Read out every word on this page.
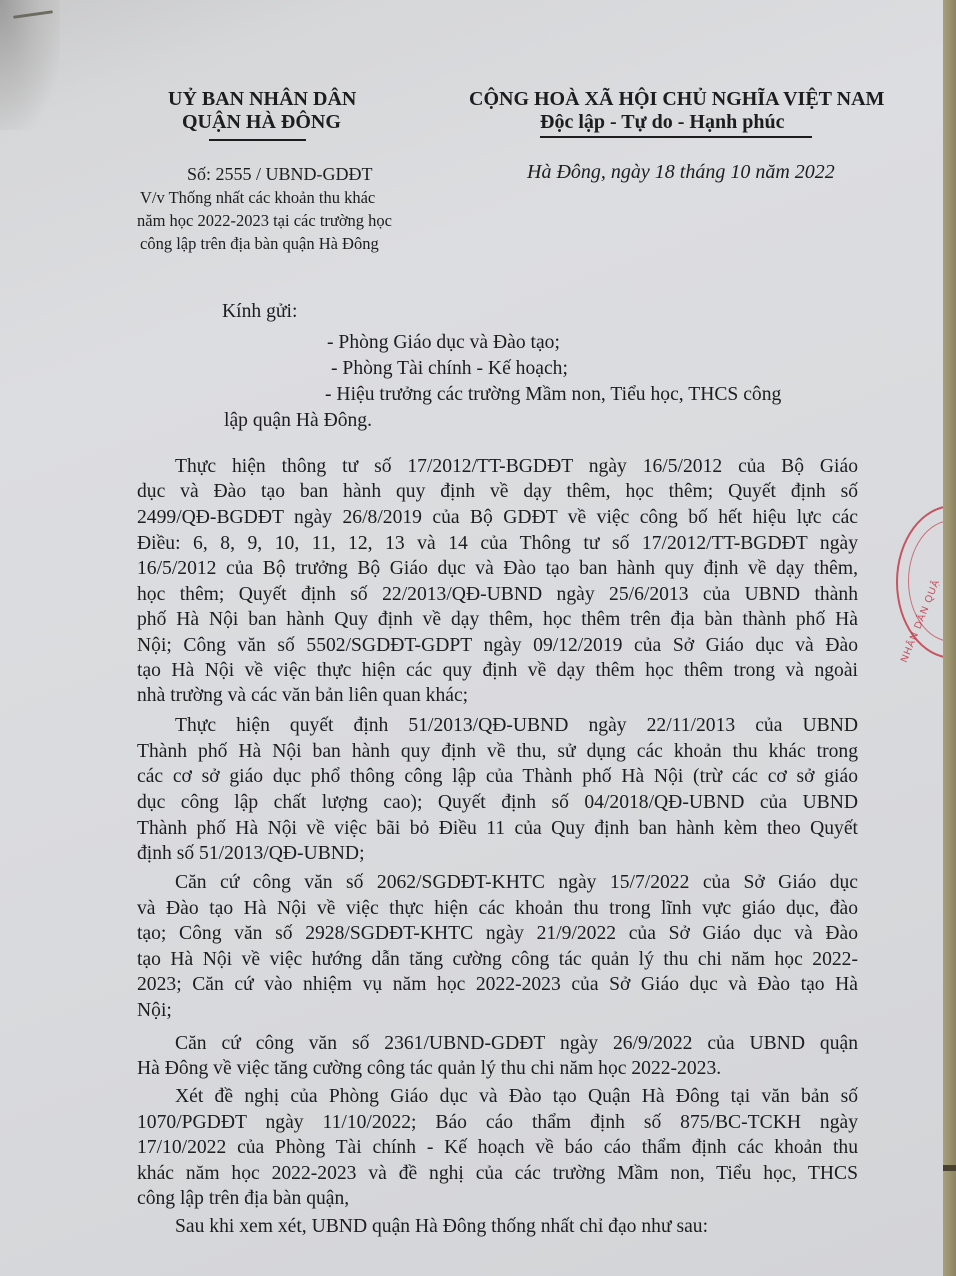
UỶ BAN NHÂN DÂN
QUẬN HÀ ĐÔNG
Số: 2555 / UBND-GDĐT
V/v Thống nhất các khoản thu khác
năm học 2022-2023 tại các trường học
công lập trên địa bàn quận Hà Đông
CỘNG HOÀ XÃ HỘI CHỦ NGHĨA VIỆT NAM
Độc lập - Tự do - Hạnh phúc
Hà Đông, ngày 18 tháng 10 năm 2022
Kính gửi:
- Phòng Giáo dục và Đào tạo;
- Phòng Tài chính - Kế hoạch;
- Hiệu trưởng các trường Mầm non, Tiểu học, THCS công
lập quận Hà Đông.
Thực hiện thông tư số 17/2012/TT-BGDĐT ngày 16/5/2012 của Bộ Giáo
dục và Đào tạo ban hành quy định về dạy thêm, học thêm; Quyết định số
2499/QĐ-BGDĐT ngày 26/8/2019 của Bộ GDĐT về việc công bố hết hiệu lực các
Điều: 6, 8, 9, 10, 11, 12, 13 và 14 của Thông tư số 17/2012/TT-BGDĐT ngày
16/5/2012 của Bộ trưởng Bộ Giáo dục và Đào tạo ban hành quy định về dạy thêm,
học thêm; Quyết định số 22/2013/QĐ-UBND ngày 25/6/2013 của UBND thành
phố Hà Nội ban hành Quy định về dạy thêm, học thêm trên địa bàn thành phố Hà
Nội; Công văn số 5502/SGDĐT-GDPT ngày 09/12/2019 của Sở Giáo dục và Đào
tạo Hà Nội về việc thực hiện các quy định về dạy thêm học thêm trong và ngoài
nhà trường và các văn bản liên quan khác;
Thực hiện quyết định 51/2013/QĐ-UBND ngày 22/11/2013 của UBND
Thành phố Hà Nội ban hành quy định về thu, sử dụng các khoản thu khác trong
các cơ sở giáo dục phổ thông công lập của Thành phố Hà Nội (trừ các cơ sở giáo
dục công lập chất lượng cao); Quyết định số 04/2018/QĐ-UBND của UBND
Thành phố Hà Nội về việc bãi bỏ Điều 11 của Quy định ban hành kèm theo Quyết
định số 51/2013/QĐ-UBND;
Căn cứ công văn số 2062/SGDĐT-KHTC ngày 15/7/2022 của Sở Giáo dục
và Đào tạo Hà Nội về việc thực hiện các khoản thu trong lĩnh vực giáo dục, đào
tạo; Công văn số 2928/SGDĐT-KHTC ngày 21/9/2022 của Sở Giáo dục và Đào
tạo Hà Nội về việc hướng dẫn tăng cường công tác quản lý thu chi năm học 2022-
2023; Căn cứ vào nhiệm vụ năm học 2022-2023 của Sở Giáo dục và Đào tạo Hà
Nội;
Căn cứ công văn số 2361/UBND-GDĐT ngày 26/9/2022 của UBND quận
Hà Đông về việc tăng cường công tác quản lý thu chi năm học 2022-2023.
Xét đề nghị của Phòng Giáo dục và Đào tạo Quận Hà Đông tại văn bản số
1070/PGDĐT ngày 11/10/2022; Báo cáo thẩm định số 875/BC-TCKH ngày
17/10/2022 của Phòng Tài chính - Kế hoạch về báo cáo thẩm định các khoản thu
khác năm học 2022-2023 và đề nghị của các trường Mầm non, Tiểu học, THCS
công lập trên địa bàn quận,
Sau khi xem xét, UBND quận Hà Đông thống nhất chỉ đạo như sau:
NHÂN DÂN QUẬ
